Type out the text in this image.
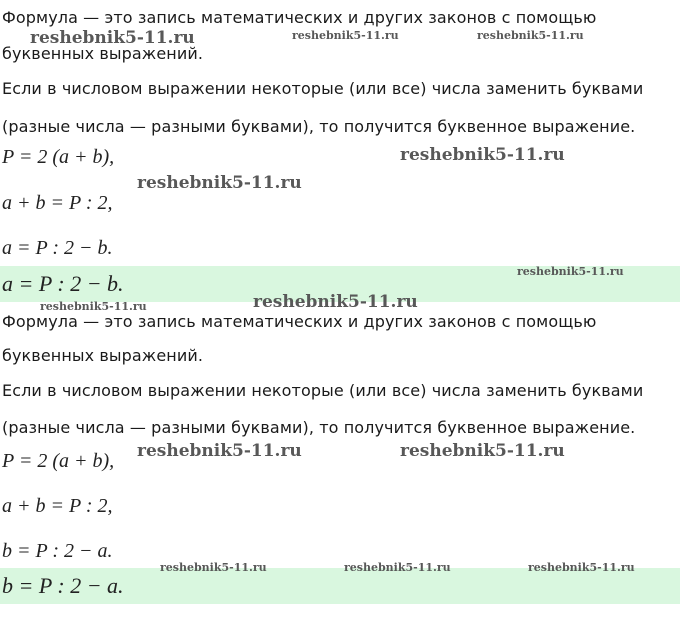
Формула — это запись математических и других законов с помощью
буквенных выражений.
Если в числовом выражении некоторые (или все) числа заменить буквами
(разные числа — разными буквами), то получится буквенное выражение.
P = 2 (a + b),
a + b = P : 2,
a = P : 2 − b.
a = P : 2 − b.
Формула — это запись математических и других законов с помощью
буквенных выражений.
Если в числовом выражении некоторые (или все) числа заменить буквами
(разные числа — разными буквами), то получится буквенное выражение.
P = 2 (a + b),
a + b = P : 2,
b = P : 2 − a.
b = P : 2 − a.
reshebnik5-11.ru	reshebnik5-11.ru	reshebnik5-11.ru
reshebnik5-11.ru
reshebnik5-11.ru
reshebnik5-11.ru
reshebnik5-11.ru	reshebnik5-11.ru
reshebnik5-11.ru	reshebnik5-11.ru
reshebnik5-11.ru	reshebnik5-11.ru	reshebnik5-11.ru
